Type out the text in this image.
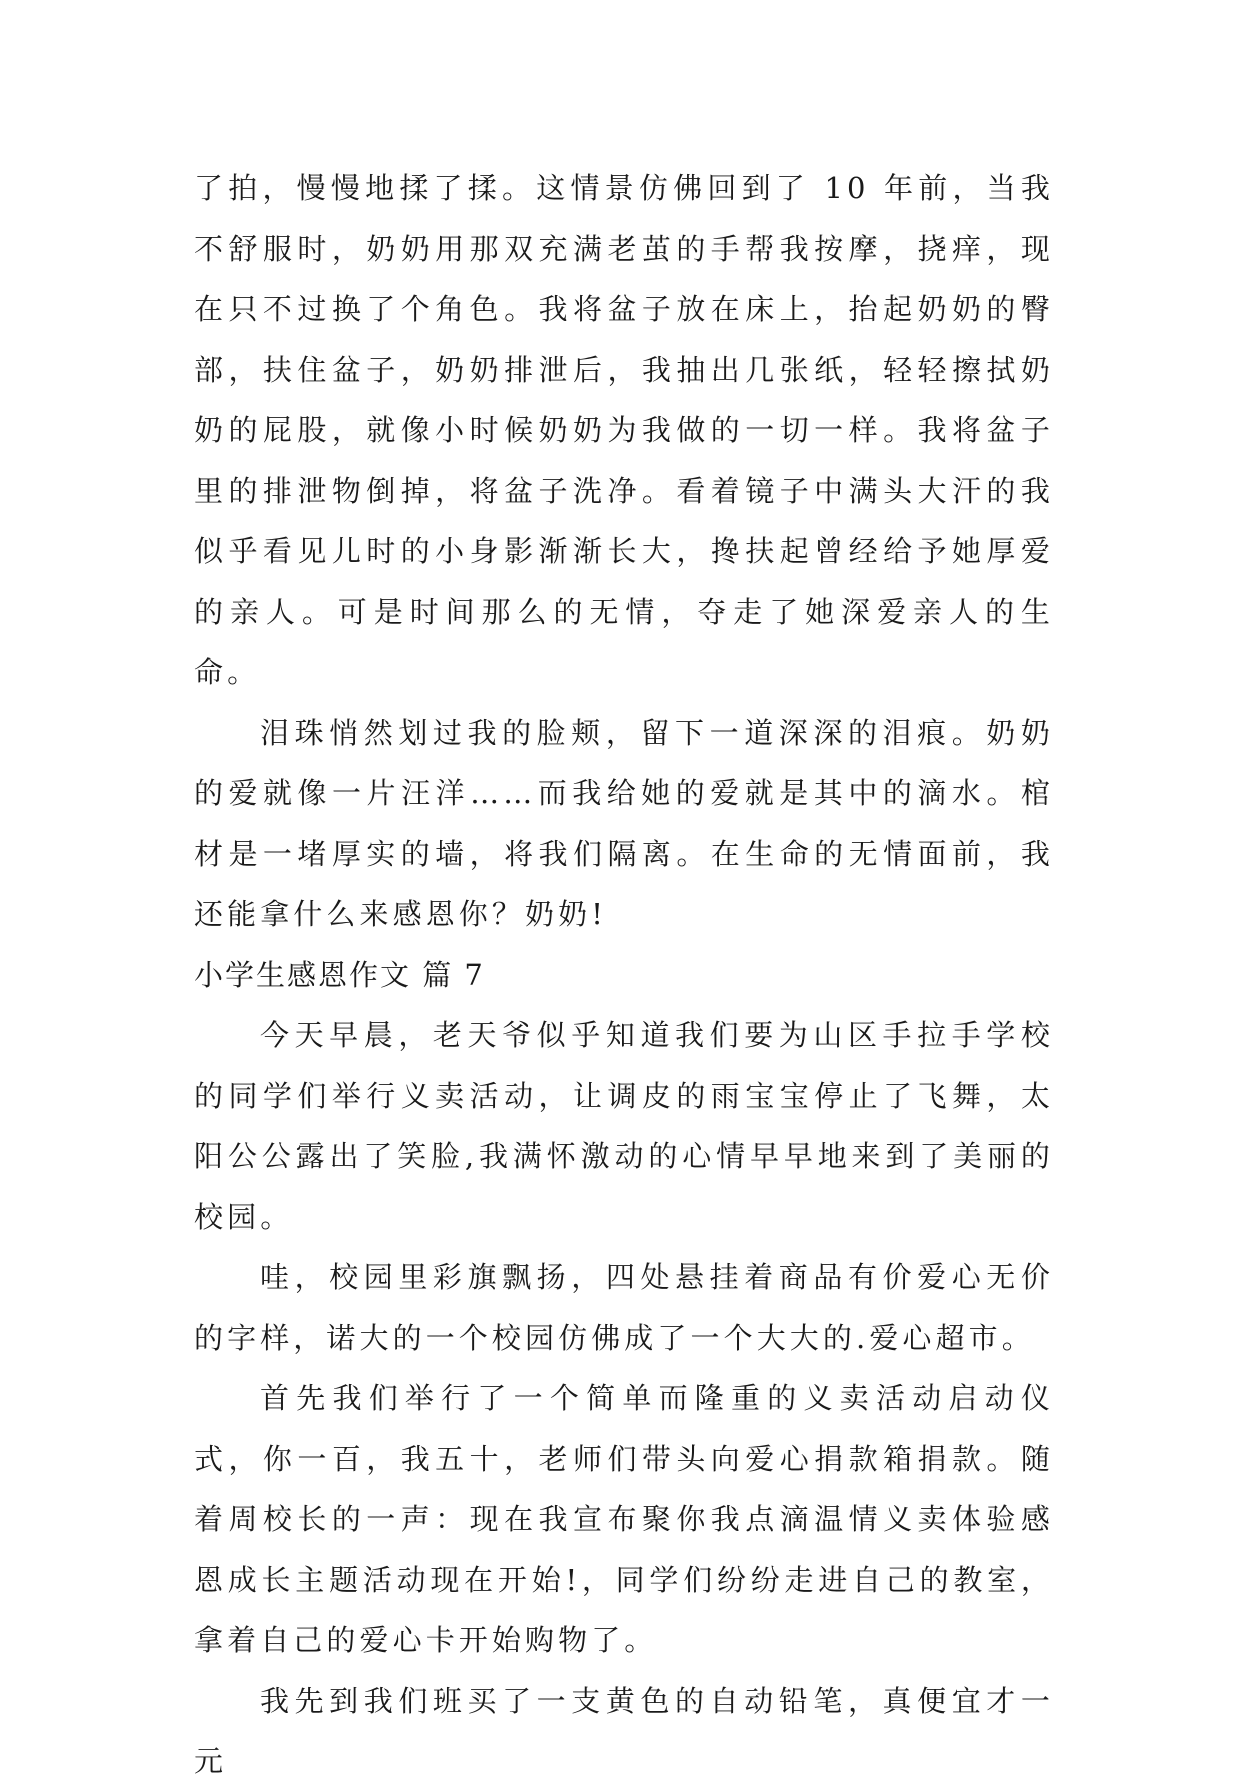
了拍，慢慢地揉了揉。这情景仿佛回到了 10 年前，当我不舒服时，奶奶用那双充满老茧的手帮我按摩，挠痒，现在只不过换了个角色。我将盆子放在床上，抬起奶奶的臀部，扶住盆子，奶奶排泄后，我抽出几张纸，轻轻擦拭奶奶的屁股，就像小时候奶奶为我做的一切一样。我将盆子里的排泄物倒掉，将盆子洗净。看着镜子中满头大汗的我似乎看见儿时的小身影渐渐长大，搀扶起曾经给予她厚爱的亲人。可是时间那么的无情，夺走了她深爱亲人的生命。

泪珠悄然划过我的脸颊，留下一道深深的泪痕。奶奶的爱就像一片汪洋……而我给她的爱就是其中的滴水。棺材是一堵厚实的墙，将我们隔离。在生命的无情面前，我还能拿什么来感恩你？奶奶!

小学生感恩作文 篇 7

今天早晨，老天爷似乎知道我们要为山区手拉手学校的同学们举行义卖活动，让调皮的雨宝宝停止了飞舞，太阳公公露出了笑脸,我满怀激动的心情早早地来到了美丽的校园。

哇，校园里彩旗飘扬，四处悬挂着商品有价爱心无价的字样，诺大的一个校园仿佛成了一个大大的.爱心超市。

首先我们举行了一个简单而隆重的义卖活动启动仪式，你一百，我五十，老师们带头向爱心捐款箱捐款。随着周校长的一声：现在我宣布聚你我点滴温情义卖体验感恩成长主题活动现在开始!，同学们纷纷走进自己的教室，拿着自己的爱心卡开始购物了。

我先到我们班买了一支黄色的自动铅笔，真便宜才一元
